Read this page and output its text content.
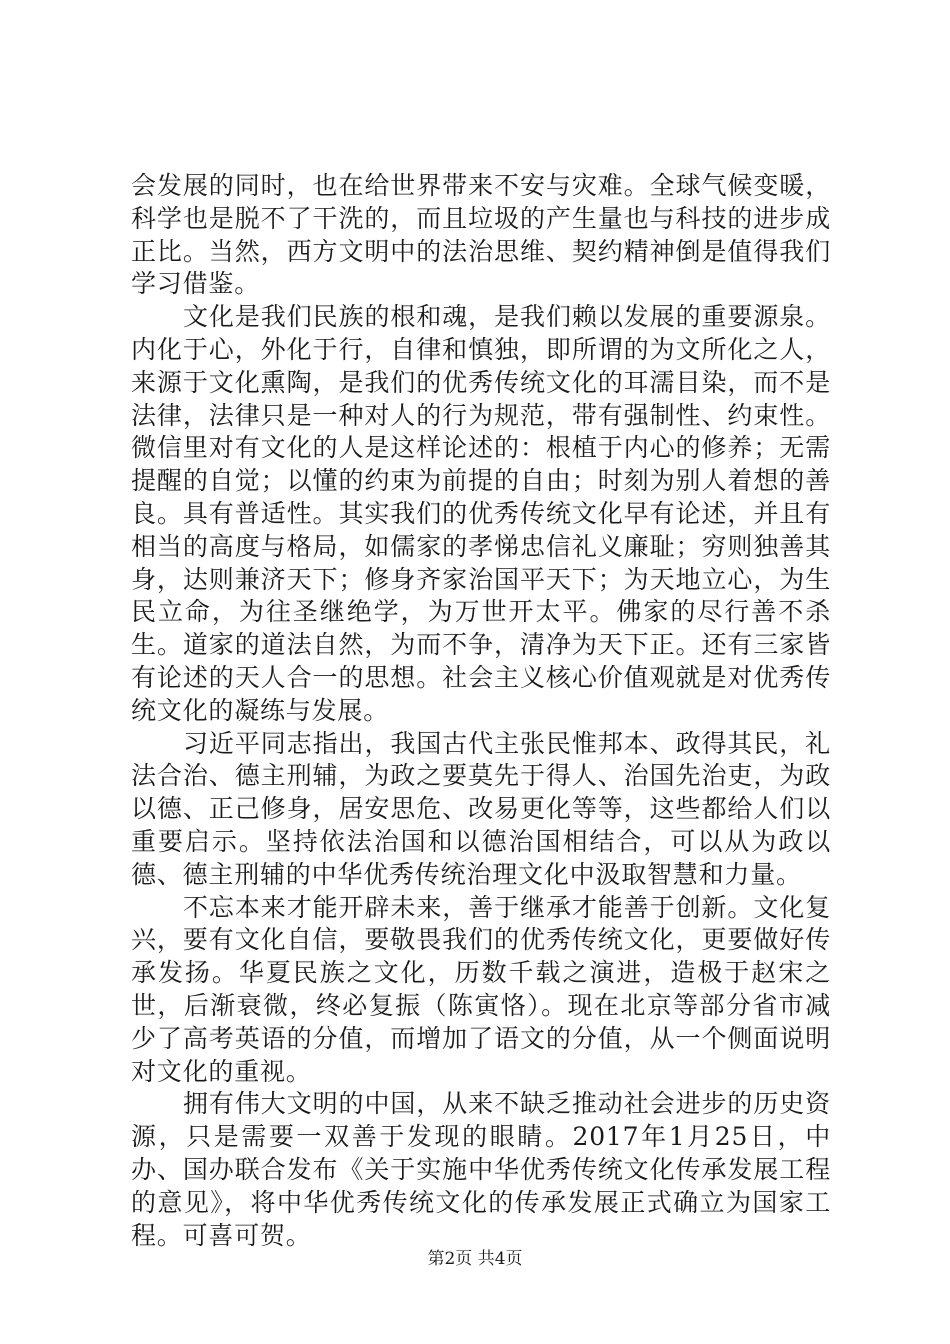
会发展的同时，也在给世界带来不安与灾难。全球气候变暖，科学也是脱不了干洗的，而且垃圾的产生量也与科技的进步成正比。当然，西方文明中的法治思维、契约精神倒是值得我们学习借鉴。

文化是我们民族的根和魂，是我们赖以发展的重要源泉。内化于心，外化于行，自律和慎独，即所谓的为文所化之人，来源于文化熏陶，是我们的优秀传统文化的耳濡目染，而不是法律，法律只是一种对人的行为规范，带有强制性、约束性。微信里对有文化的人是这样论述的：根植于内心的修养；无需提醒的自觉；以懂的约束为前提的自由；时刻为别人着想的善良。具有普适性。其实我们的优秀传统文化早有论述，并且有相当的高度与格局，如儒家的孝悌忠信礼义廉耻；穷则独善其身，达则兼济天下；修身齐家治国平天下；为天地立心，为生民立命，为往圣继绝学，为万世开太平。佛家的尽行善不杀生。道家的道法自然，为而不争，清净为天下正。还有三家皆有论述的天人合一的思想。社会主义核心价值观就是对优秀传统文化的凝练与发展。

习近平同志指出，我国古代主张民惟邦本、政得其民，礼法合治、德主刑辅，为政之要莫先于得人、治国先治吏，为政以德、正己修身，居安思危、改易更化等等，这些都给人们以重要启示。坚持依法治国和以德治国相结合，可以从为政以德、德主刑辅的中华优秀传统治理文化中汲取智慧和力量。

不忘本来才能开辟未来，善于继承才能善于创新。文化复兴，要有文化自信，要敬畏我们的优秀传统文化，更要做好传承发扬。华夏民族之文化，历数千载之演进，造极于赵宋之世，后渐衰微，终必复振（陈寅恪）。现在北京等部分省市减少了高考英语的分值，而增加了语文的分值，从一个侧面说明对文化的重视。

拥有伟大文明的中国，从来不缺乏推动社会进步的历史资源，只是需要一双善于发现的眼睛。2017年1月25日，中办、国办联合发布《关于实施中华优秀传统文化传承发展工程的意见》，将中华优秀传统文化的传承发展正式确立为国家工程。可喜可贺。

第2页 共4页
